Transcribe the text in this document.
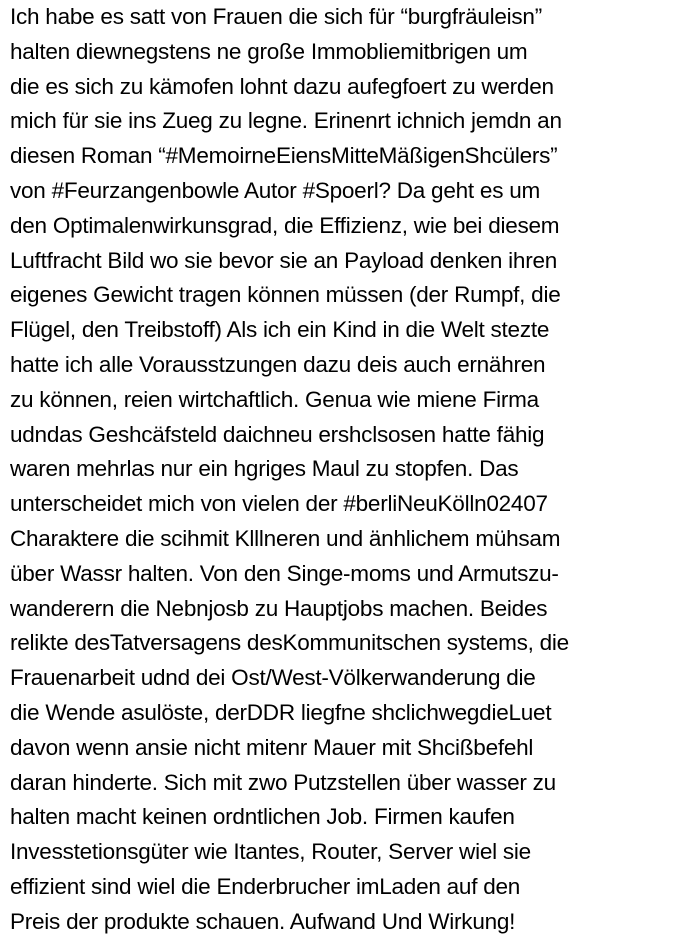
Ich habe es satt von Frauen die sich für “burgfräuleisn”
halten diewnegstens ne große Immobliemitbrigen um
die es sich zu kämofen lohnt dazu aufegfoert zu werden
mich für sie ins Zueg zu legne. Erinenrt ichnich jemdn an
diesen Roman “#MemoirneEiensMitteMäßigenShcülers”
von #Feurzangenbowle Autor #Spoerl? Da geht es um
den Optimalenwirkunsgrad, die Effizienz, wie bei diesem
Luftfracht Bild wo sie bevor sie an Payload denken ihren
eigenes Gewicht tragen können müssen (der Rumpf, die
Flügel, den Treibstoff) Als ich ein Kind in die Welt stezte
hatte ich alle Vorausstzungen dazu deis auch ernähren
zu können, reien wirtchaftlich. Genua wie miene Firma
udndas Geshcäfsteld daichneu ershclsosen hatte fähig
waren mehrlas nur ein hgriges Maul zu stopfen. Das
unterscheidet mich von vielen der #berliNeuKölln02407
Charaktere die scihmit Klllneren und änhlichem mühsam
über Wassr halten. Von den Singe-moms und Armutszu-
wanderern die Nebnjosb zu Hauptjobs machen. Beides
relikte desTatversagens desKommunitschen systems, die
Frauenarbeit udnd dei Ost/West-Völkerwanderung die
die Wende asulöste, derDDR liegfne shclichwegdieLuet
davon wenn ansie nicht mitenr Mauer mit Shcißbefehl
daran hinderte. Sich mit zwo Putzstellen über wasser zu
halten macht keinen ordntlichen Job. Firmen kaufen
Invesstetionsgüter wie Itantes, Router, Server wiel sie
effizient sind wiel die Enderbrucher imLaden auf den
Preis der produkte schauen. Aufwand Und Wirkung!
